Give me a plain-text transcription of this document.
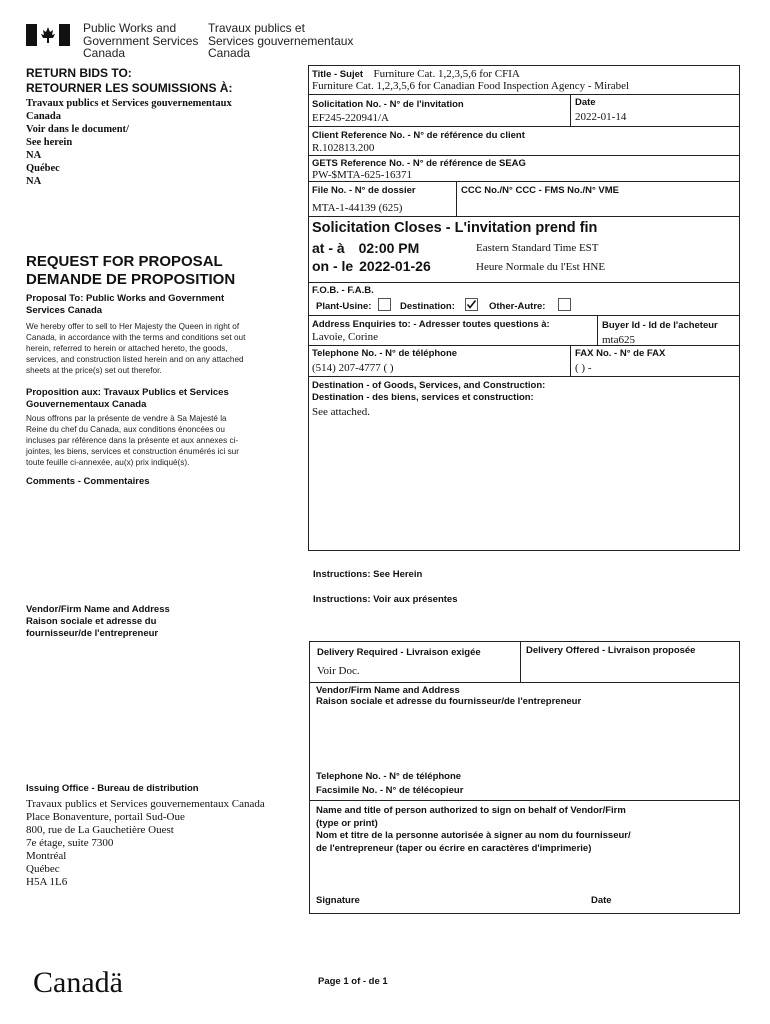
Public Works and
Government Services
Canada
Travaux publics et
Services gouvernementaux
Canada
RETURN BIDS TO:
RETOURNER LES SOUMISSIONS À:
Travaux publics et Services gouvernementaux
Canada
Voir dans le document/
See herein
NA
Québec
NA
REQUEST FOR PROPOSAL
DEMANDE DE PROPOSITION
Proposal To: Public Works and Government Services Canada
We hereby offer to sell to Her Majesty the Queen in right of Canada, in accordance with the terms and conditions set out herein, referred to herein or attached hereto, the goods, services, and construction listed herein and on any attached sheets at the price(s) set out therefor.
Proposition aux: Travaux Publics et Services Gouvernementaux Canada
Nous offrons par la présente de vendre à Sa Majesté la Reine du chef du Canada, aux conditions énoncées ou incluses par référence dans la présente et aux annexes ci-jointes, les biens, services et construction énumérés ici sur toute feuille ci-annexée, au(x) prix indiqué(s).
Comments - Commentaires
Vendor/Firm Name and Address
Raison sociale et adresse du
fournisseur/de l'entrepreneur
Issuing Office - Bureau de distribution
Travaux publics et Services gouvernementaux Canada
Place Bonaventure, portail Sud-Oue
800, rue de La Gauchetière Ouest
7e étage, suite 7300
Montréal
Québec
H5A 1L6
Title - Sujet Furniture Cat. 1,2,3,5,6 for CFIA
Furniture Cat. 1,2,3,5,6 for Canadian Food Inspection Agency - Mirabel
Solicitation No. - N° de l'invitation
EF245-220941/A
Date
2022-01-14
Client Reference No. - N° de référence du client
R.102813.200
GETS Reference No. - N° de référence de SEAG
PW-$MTA-625-16371
File No. - N° de dossier
MTA-1-44139 (625)
CCC No./N° CCC - FMS No./N° VME
Solicitation Closes - L'invitation prend fin
at - à 02:00 PM
on - le 2022-01-26
Eastern Standard Time EST
Heure Normale du l'Est HNE
F.O.B. - F.A.B.
Plant-Usine:	Destination:	Other-Autre:
Address Enquiries to: - Adresser toutes questions à:
Lavoie, Corine
Buyer Id - Id de l'acheteur
mta625
Telephone No. - N° de téléphone
(514) 207-4777 ( )
FAX No. - N° de FAX
( ) -
Destination - of Goods, Services, and Construction:
Destination - des biens, services et construction:
See attached.
Instructions: See Herein
Instructions: Voir aux présentes
Delivery Required - Livraison exigée
Voir Doc.
Delivery Offered - Livraison proposée
Vendor/Firm Name and Address
Raison sociale et adresse du fournisseur/de l'entrepreneur
Telephone No. - N° de téléphone
Facsimile No. - N° de télécopieur
Name and title of person authorized to sign on behalf of Vendor/Firm
(type or print)
Nom et titre de la personne autorisée à signer au nom du fournisseur/
de l'entrepreneur (taper ou écrire en caractères d'imprimerie)
Signature	Date
Canadä	Page 1 of - de 1
